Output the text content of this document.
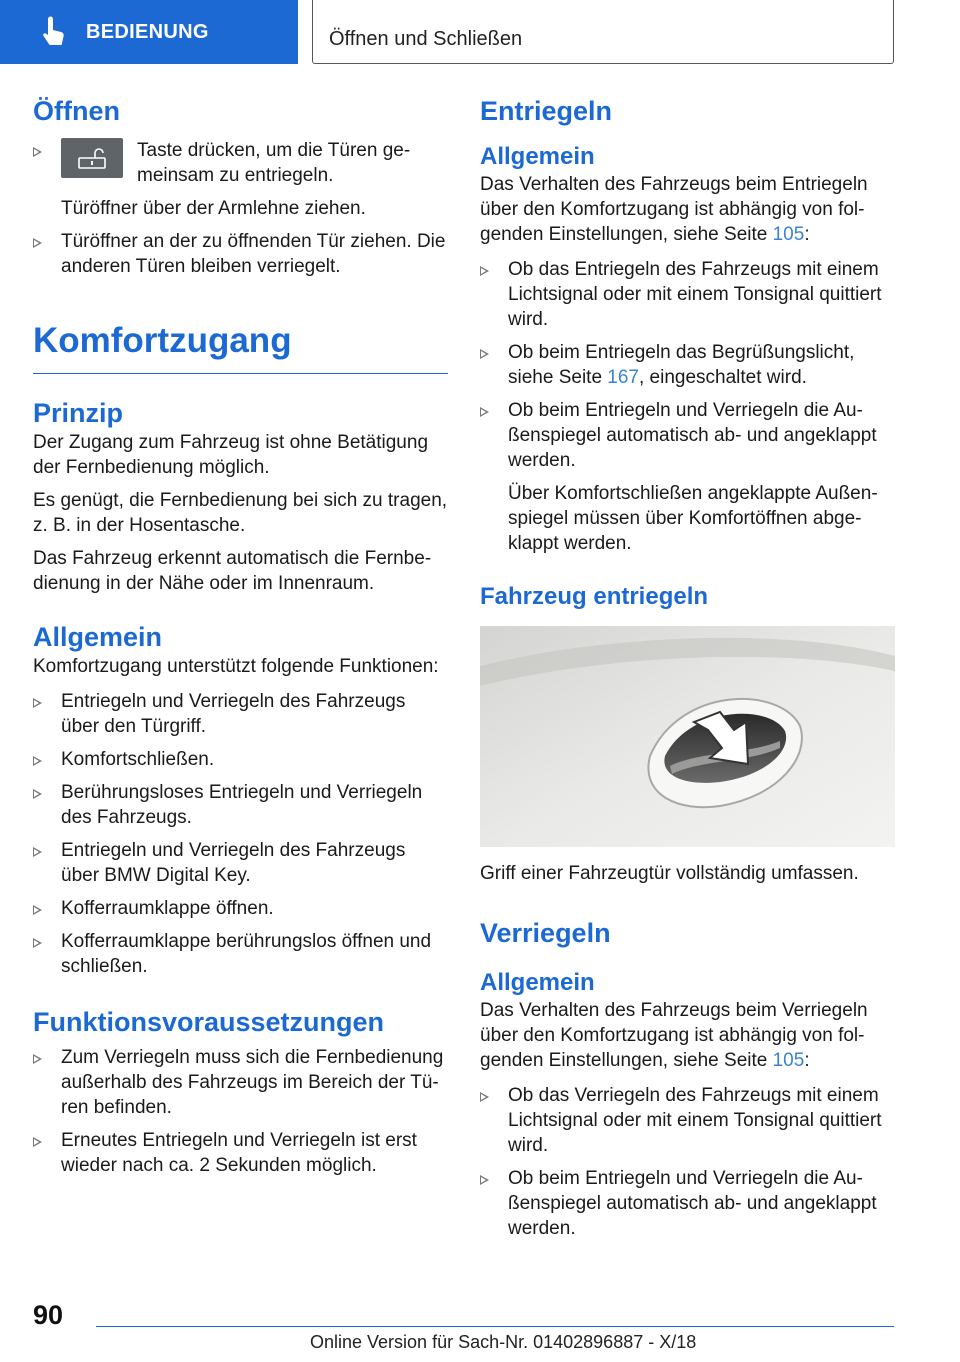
BEDIENUNG	Öffnen und Schließen
Öffnen
Taste drücken, um die Türen ge-meinsam zu entriegeln.

Türöffner über der Armlehne ziehen.

Türöffner an der zu öffnenden Tür ziehen. Die anderen Türen bleiben verriegelt.
Komfortzugang
Prinzip

Der Zugang zum Fahrzeug ist ohne Betätigung der Fernbedienung möglich.

Es genügt, die Fernbedienung bei sich zu tragen, z. B. in der Hosentasche.

Das Fahrzeug erkennt automatisch die Fernbe-dienung in der Nähe oder im Innenraum.

Allgemein

Komfortzugang unterstützt folgende Funktionen:

Entriegeln und Verriegeln des Fahrzeugs über den Türgriff.
Komfortschließen.
Berührungsloses Entriegeln und Verriegeln des Fahrzeugs.
Entriegeln und Verriegeln des Fahrzeugs über BMW Digital Key.
Kofferraumklappe öffnen.
Kofferraumklappe berührungslos öffnen und schließen.
Funktionsvoraussetzungen
Zum Verriegeln muss sich die Fernbedienung außerhalb des Fahrzeugs im Bereich der Tü-ren befinden.
Erneutes Entriegeln und Verriegeln ist erst wieder nach ca. 2 Sekunden möglich.
Entriegeln
Allgemein

Das Verhalten des Fahrzeugs beim Entriegeln über den Komfortzugang ist abhängig von fol-genden Einstellungen, siehe Seite 105:

Ob das Entriegeln des Fahrzeugs mit einem Lichtsignal oder mit einem Tonsignal quittiert wird.
Ob beim Entriegeln das Begrüßungslicht, siehe Seite 167, eingeschaltet wird.
Ob beim Entriegeln und Verriegeln die Au-ßenspiegel automatisch ab- und angeklappt werden.

Über Komfortschließen angeklappte Außen-spiegel müssen über Komfortöffnen abge-klappt werden.

Fahrzeug entriegeln

Griff einer Fahrzeugtür vollständig umfassen.

Verriegeln
Allgemein

Das Verhalten des Fahrzeugs beim Verriegeln über den Komfortzugang ist abhängig von fol-genden Einstellungen, siehe Seite 105:

Ob das Verriegeln des Fahrzeugs mit einem Lichtsignal oder mit einem Tonsignal quittiert wird.
Ob beim Entriegeln und Verriegeln die Au-ßenspiegel automatisch ab- und angeklappt werden.
90
Online Version für Sach-Nr. 01402896887 - X/18
